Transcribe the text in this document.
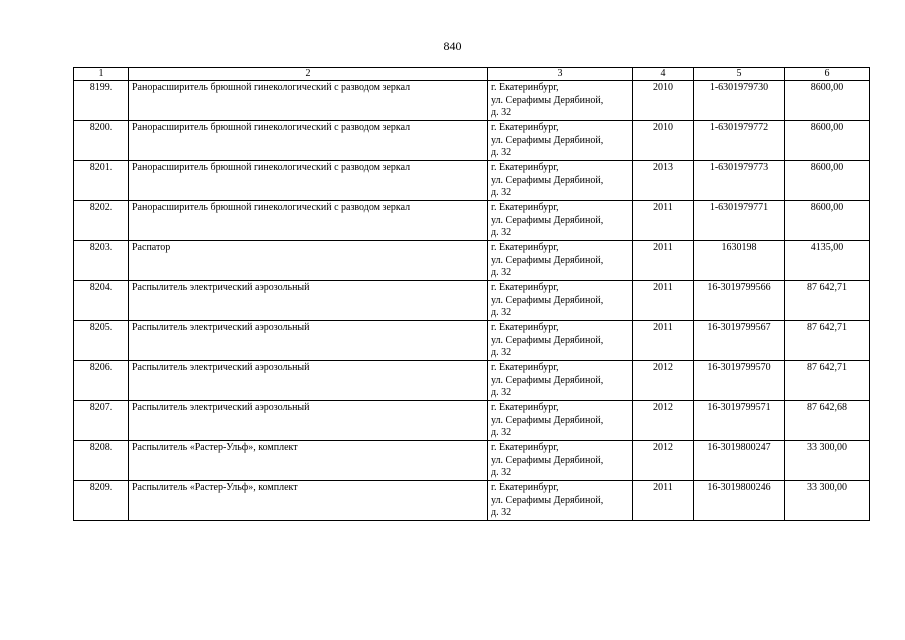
840
1	2	3	4	5	6
8199.	Ранорасширитель брюшной гинекологический с разводом зеркал	г. Екатеринбург,
ул. Серафимы Дерябиной,
д. 32	2010	1-6301979730	8600,00
8200.	Ранорасширитель брюшной гинекологический с разводом зеркал	г. Екатеринбург,
ул. Серафимы Дерябиной,
д. 32	2010	1-6301979772	8600,00
8201.	Ранорасширитель брюшной гинекологический с разводом зеркал	г. Екатеринбург,
ул. Серафимы Дерябиной,
д. 32	2013	1-6301979773	8600,00
8202.	Ранорасширитель брюшной гинекологический с разводом зеркал	г. Екатеринбург,
ул. Серафимы Дерябиной,
д. 32	2011	1-6301979771	8600,00
8203.	Распатор	г. Екатеринбург,
ул. Серафимы Дерябиной,
д. 32	2011	1630198	4135,00
8204.	Распылитель электрический аэрозольный	г. Екатеринбург,
ул. Серафимы Дерябиной,
д. 32	2011	16-3019799566	87 642,71
8205.	Распылитель электрический аэрозольный	г. Екатеринбург,
ул. Серафимы Дерябиной,
д. 32	2011	16-3019799567	87 642,71
8206.	Распылитель электрический аэрозольный	г. Екатеринбург,
ул. Серафимы Дерябиной,
д. 32	2012	16-3019799570	87 642,71
8207.	Распылитель электрический аэрозольный	г. Екатеринбург,
ул. Серафимы Дерябиной,
д. 32	2012	16-3019799571	87 642,68
8208.	Распылитель «Растер-Ульф», комплект	г. Екатеринбург,
ул. Серафимы Дерябиной,
д. 32	2012	16-3019800247	33 300,00
8209.	Распылитель «Растер-Ульф», комплект	г. Екатеринбург,
ул. Серафимы Дерябиной,
д. 32	2011	16-3019800246	33 300,00
